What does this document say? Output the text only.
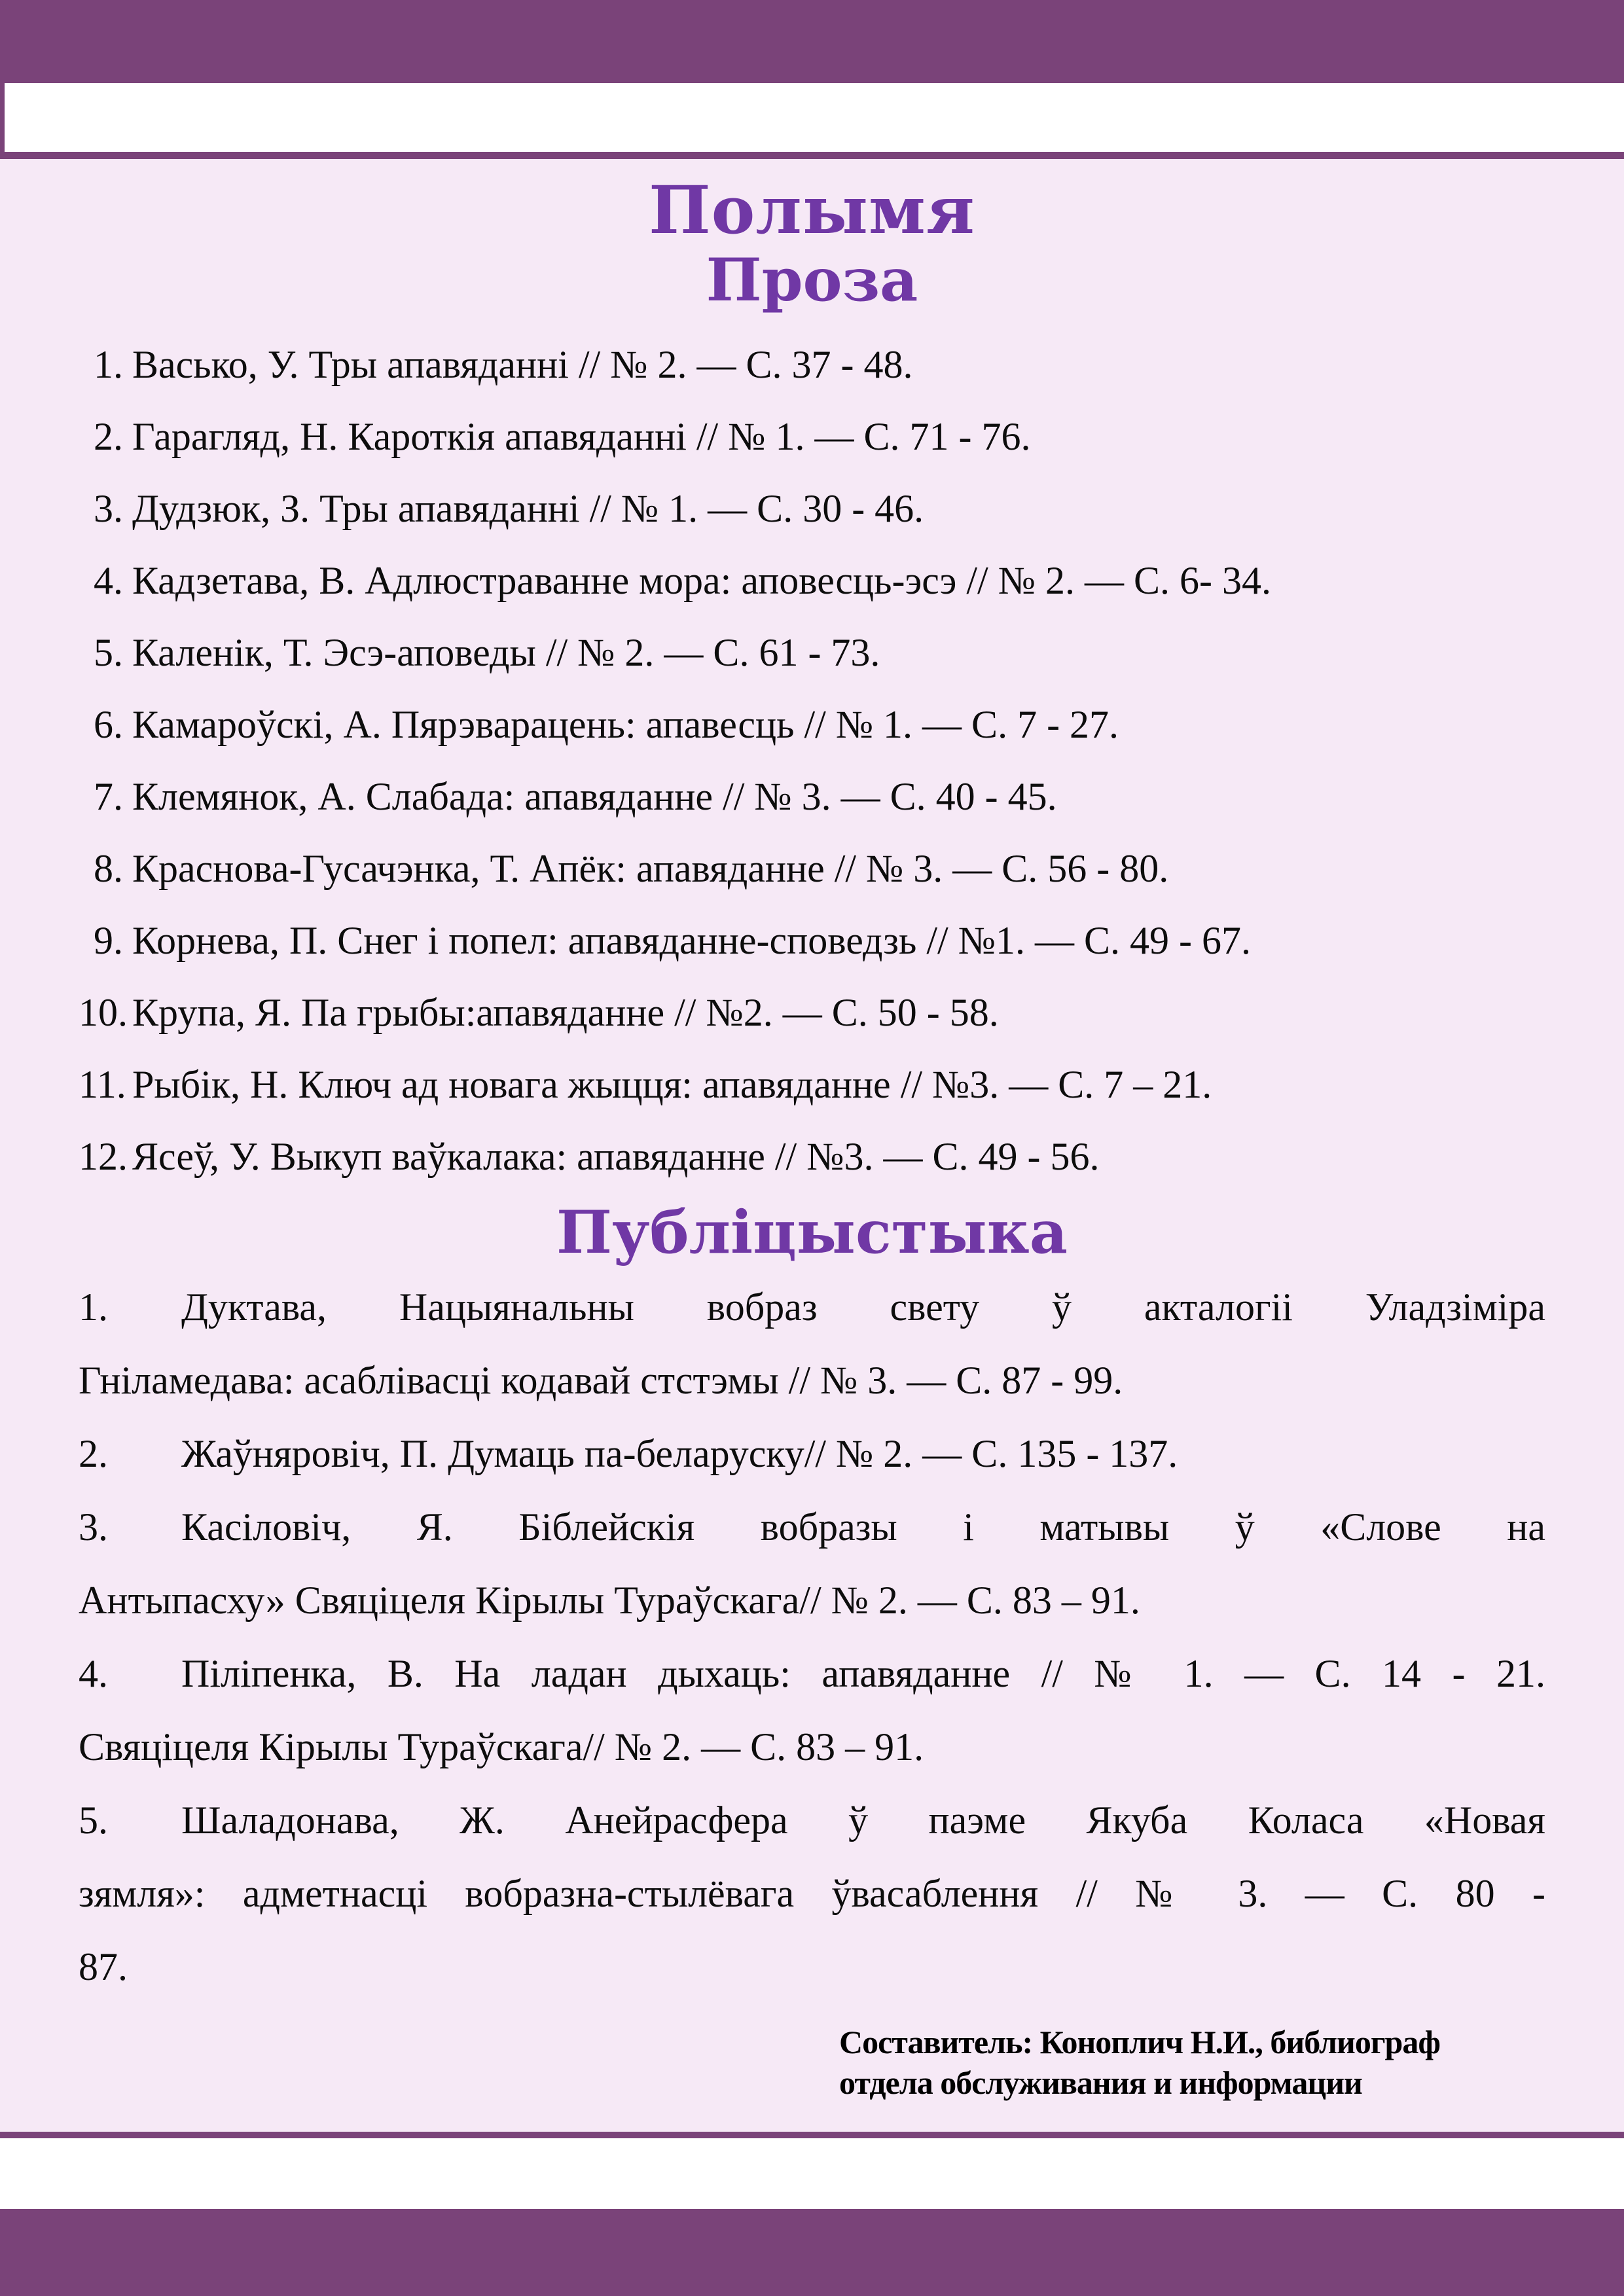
Полымя
Проза
1. Васько, У. Тры апавяданні // № 2. — С. 37 - 48.
2. Гарагляд, Н. Кароткія апавяданні // № 1. — С. 71 - 76.
3. Дудзюк, З. Тры апавяданні // № 1. — С. 30 - 46.
4. Кадзетава, В. Адлюстраванне мора: аповесць-эсэ // № 2. — С. 6- 34.
5. Каленік, Т. Эсэ-аповеды // № 2. — С. 61 - 73.
6. Камароўскі, А. Пярэварацень: апавесць // № 1. — С. 7 - 27.
7. Клемянок, А. Слабада: апавяданне // № 3. — С. 40 - 45.
8. Краснова-Гусачэнка, Т. Апёк: апавяданне // № 3. — С. 56 - 80.
9. Корнева, П. Снег і попел: апавяданне-споведзь // №1. — С. 49 - 67.
10. Крупа, Я. Па грыбы:апавяданне // №2. — С. 50 - 58.
11. Рыбік, Н. Ключ ад новага жыцця: апавяданне // №3. — С. 7 – 21.
12. Ясеў, У. Выкуп ваўкалака: апавяданне // №3. — С. 49 - 56.
Публіцыстыка
1. Дуктава, Нацыянальны вобраз свету ў акталогіі Уладзіміра
Гніламедава: асаблівасці кодавай стстэмы // № 3. — С. 87 - 99.
2. Жаўняровіч, П. Думаць па-беларуску// № 2. — С. 135 - 137.
3. Касіловіч, Я. Біблейскія вобразы і матывы ў «Слове на
Антыпасху» Свяціцеля Кірылы Тураўскага// № 2. — С. 83 – 91.
4. Піліпенка, В. На ладан дыхаць: апавяданне // № 1. — С. 14 - 21.
Свяціцеля Кірылы Тураўскага// № 2. — С. 83 – 91.
5. Шаладонава, Ж. Анейрасфера ў паэме Якуба Коласа «Новая
зямля»: адметнасці вобразна-стылёвага ўвасаблення // № 3. — С. 80 -
87.
Составитель: Коноплич Н.И., библиограф
отдела обслуживания и информации
